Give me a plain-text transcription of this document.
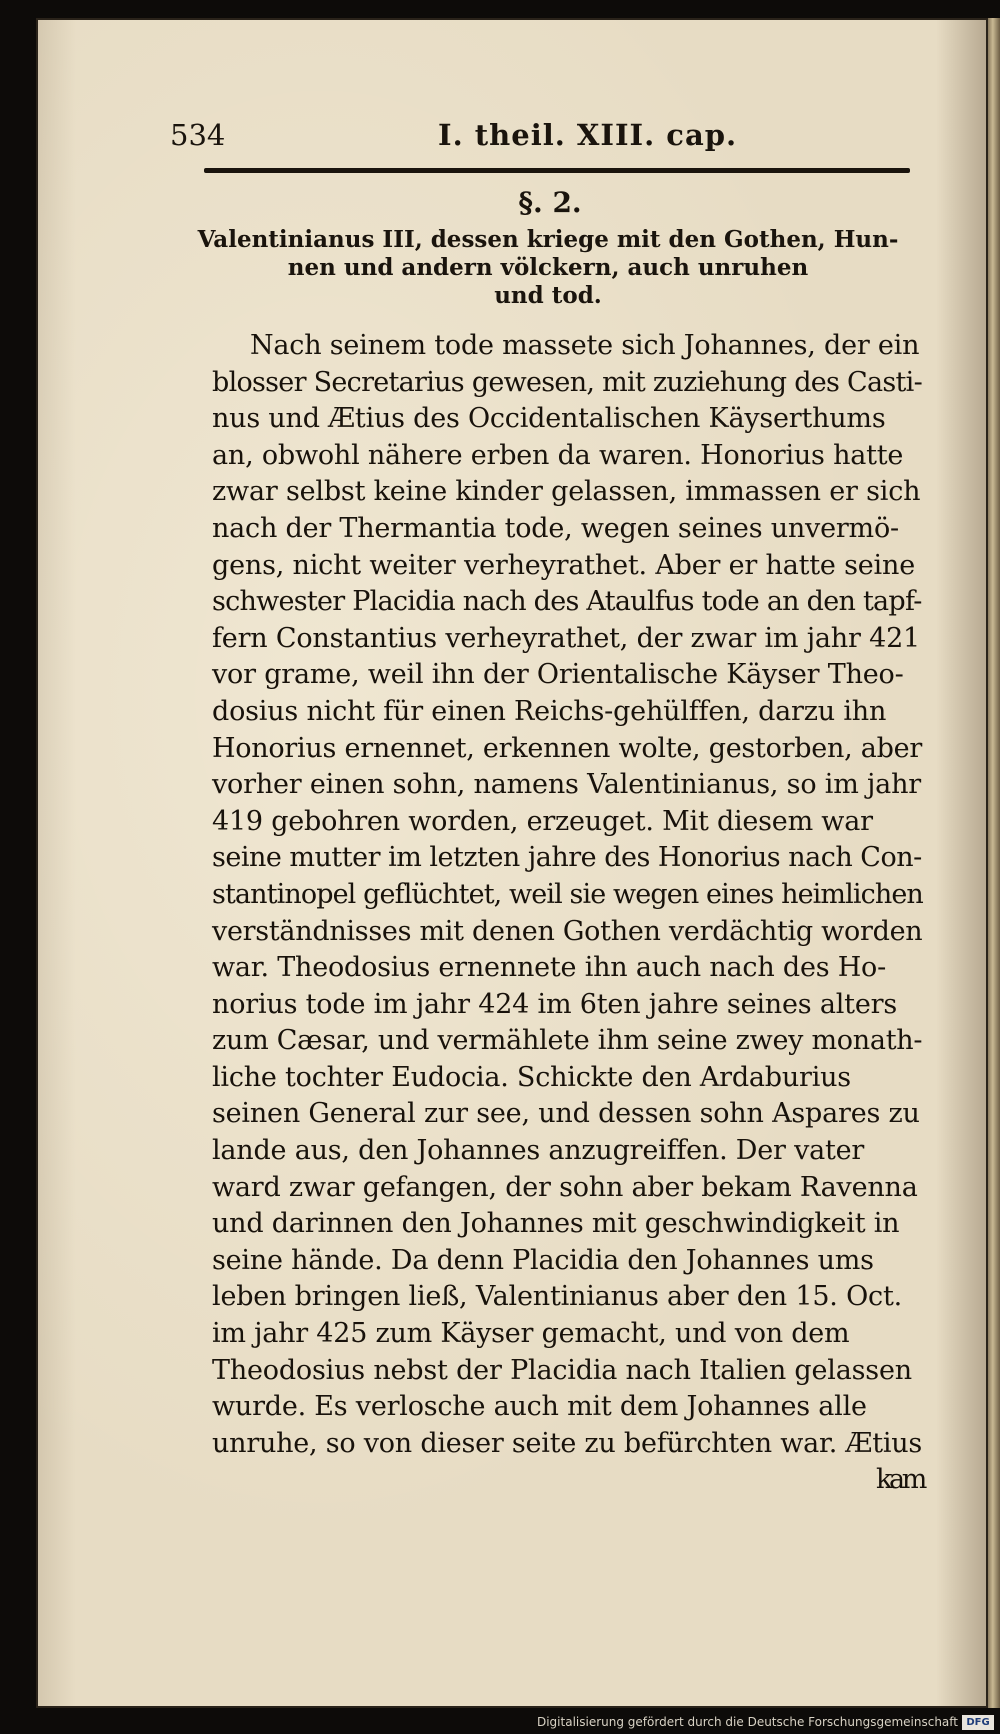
534	I. theil. XIII. cap.
§. 2.
Valentinianus III, dessen kriege mit den Gothen, Hun-
nen und andern völckern, auch unruhen
und tod.
Nach seinem tode massete sich Johannes, der ein
blosser Secretarius gewesen, mit zuziehung des Casti-
nus und Ætius des Occidentalischen Käyserthums
an, obwohl nähere erben da waren. Honorius hatte
zwar selbst keine kinder gelassen, immassen er sich
nach der Thermantia tode, wegen seines unvermö-
gens, nicht weiter verheyrathet. Aber er hatte seine
schwester Placidia nach des Ataulfus tode an den tapf-
fern Constantius verheyrathet, der zwar im jahr 421
vor grame, weil ihn der Orientalische Käyser Theo-
dosius nicht für einen Reichs-gehülffen, darzu ihn
Honorius ernennet, erkennen wolte, gestorben, aber
vorher einen sohn, namens Valentinianus, so im jahr
419 gebohren worden, erzeuget. Mit diesem war
seine mutter im letzten jahre des Honorius nach Con-
stantinopel geflüchtet, weil sie wegen eines heimlichen
verständnisses mit denen Gothen verdächtig worden
war. Theodosius ernennete ihn auch nach des Ho-
norius tode im jahr 424 im 6ten jahre seines alters
zum Cæsar, und vermählete ihm seine zwey monath-
liche tochter Eudocia. Schickte den Ardaburius
seinen General zur see, und dessen sohn Aspares zu
lande aus, den Johannes anzugreiffen. Der vater
ward zwar gefangen, der sohn aber bekam Ravenna
und darinnen den Johannes mit geschwindigkeit in
seine hände. Da denn Placidia den Johannes ums
leben bringen ließ, Valentinianus aber den 15. Oct.
im jahr 425 zum Käyser gemacht, und von dem
Theodosius nebst der Placidia nach Italien gelassen
wurde. Es verlosche auch mit dem Johannes alle
unruhe, so von dieser seite zu befürchten war. Ætius
kam
Digitalisierung gefördert durch die Deutsche Forschungsgemeinschaft DFG
